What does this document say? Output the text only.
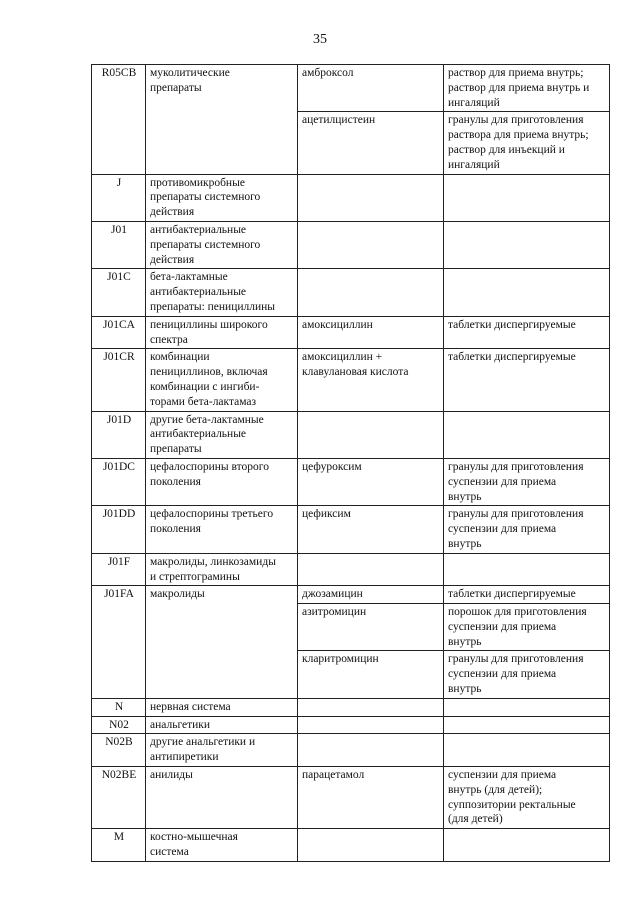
35
R05CB	муколитические
препараты	амброксол	раствор для приема внутрь;
раствор для приема внутрь и
ингаляций

		ацетилцистеин	гранулы для приготовления
раствора для приема внутрь;
раствор для инъекций и
ингаляций

J	противомикробные
препараты системного
действия		

J01	антибактериальные
препараты системного
действия		

J01C	бета-лактамные
антибактериальные
препараты: пенициллины		

J01CA	пенициллины широкого
спектра	амоксициллин	таблетки диспергируемые

J01CR	комбинации
пенициллинов, включая
комбинации с ингиби-
торами бета-лактамаз	амоксициллин +
клавулановая кислота	таблетки диспергируемые

J01D	другие бета-лактамные
антибактериальные
препараты		

J01DC	цефалоспорины второго
поколения	цефуроксим	гранулы для приготовления
суспензии для приема
внутрь

J01DD	цефалоспорины третьего
поколения	цефиксим	гранулы для приготовления
суспензии для приема
внутрь

J01F	макролиды, линкозамиды
и стрептограмины		

J01FA	макролиды	джозамицин	таблетки диспергируемые

		азитромицин	порошок для приготовления
суспензии для приема
внутрь

		кларитромицин	гранулы для приготовления
суспензии для приема
внутрь

N	нервная система		

N02	анальгетики		

N02B	другие анальгетики и
антипиретики		

N02BE	анилиды	парацетамол	суспензии для приема
внутрь (для детей);
суппозитории ректальные
(для детей)

M	костно-мышечная
система		
